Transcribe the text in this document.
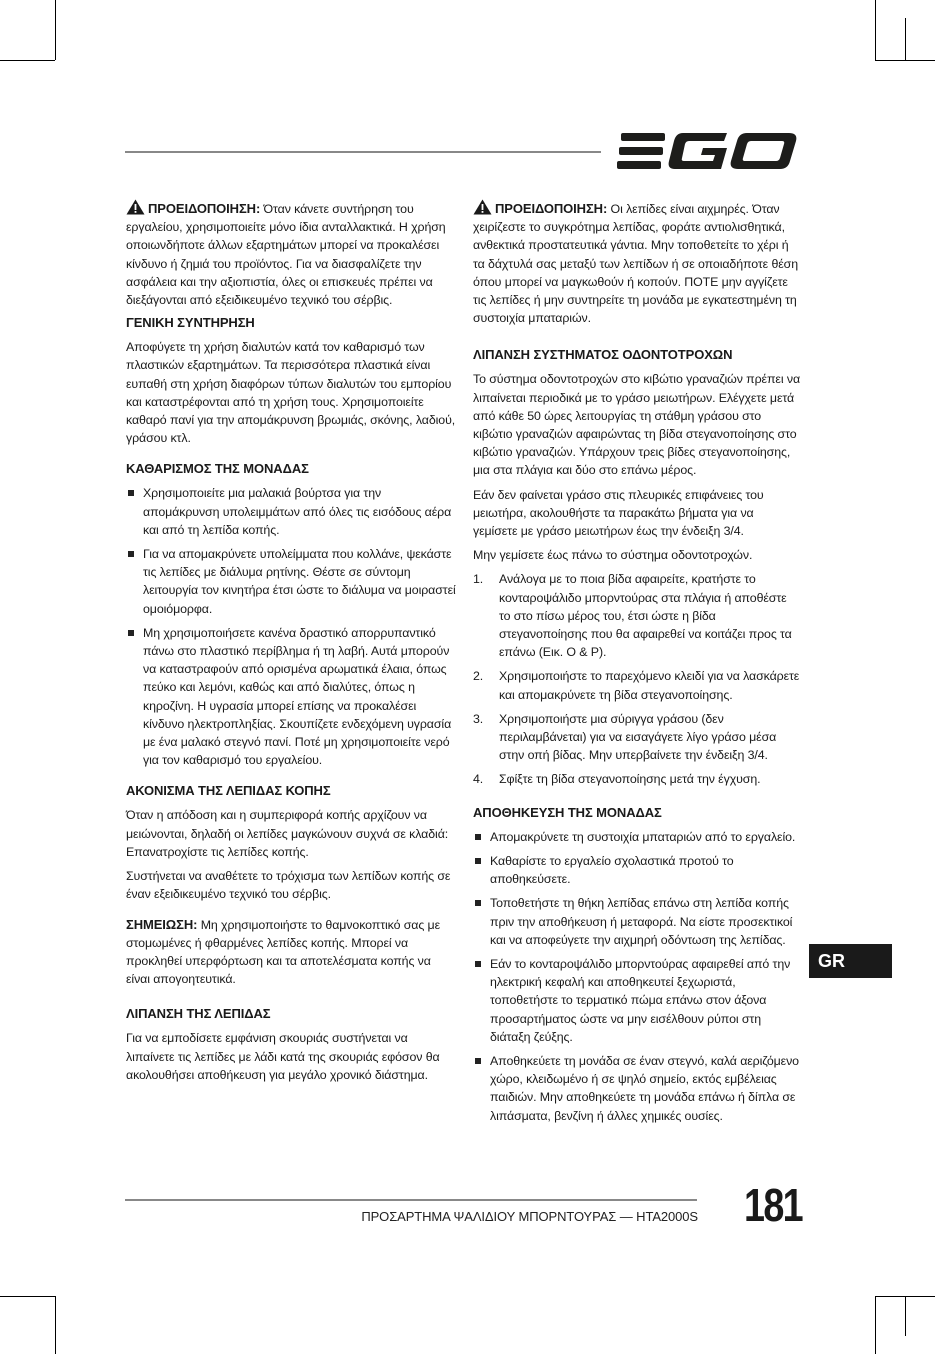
ΠΡΟΕΙΔΟΠΟΙΗΣΗ: Όταν κάνετε συντήρηση του εργαλείου, χρησιμοποιείτε μόνο ίδια ανταλλακτικά. Η χρήση οποιωνδήποτε άλλων εξαρτημάτων μπορεί να προκαλέσει κίνδυνο ή ζημιά του προϊόντος. Για να διασφαλίζετε την ασφάλεια και την αξιοπιστία, όλες οι επισκευές πρέπει να διεξάγονται από εξειδικευμένο τεχνικό του σέρβις.

ΓΕΝΙΚΗ ΣΥΝΤΗΡΗΣΗ

Αποφύγετε τη χρήση διαλυτών κατά τον καθαρισμό των πλαστικών εξαρτημάτων. Τα περισσότερα πλαστικά είναι ευπαθή στη χρήση διαφόρων τύπων διαλυτών του εμπορίου και καταστρέφονται από τη χρήση τους. Χρησιμοποιείτε καθαρό πανί για την απομάκρυνση βρωμιάς, σκόνης, λαδιού, γράσου κτλ.

ΚΑΘΑΡΙΣΜΟΣ ΤΗΣ ΜΟΝΑΔΑΣ
Χρησιμοποιείτε μια μαλακιά βούρτσα για την απομάκρυνση υπολειμμάτων από όλες τις εισόδους αέρα και από τη λεπίδα κοπής.
Για να απομακρύνετε υπολείμματα που κολλάνε, ψεκάστε τις λεπίδες με διάλυμα ρητίνης. Θέστε σε σύντομη λειτουργία τον κινητήρα έτσι ώστε το διάλυμα να μοιραστεί ομοιόμορφα.
Μη χρησιμοποιήσετε κανένα δραστικό απορρυπαντικό πάνω στο πλαστικό περίβλημα ή τη λαβή. Αυτά μπορούν να καταστραφούν από ορισμένα αρωματικά έλαια, όπως πεύκο και λεμόνι, καθώς και από διαλύτες, όπως η κηροζίνη. Η υγρασία μπορεί επίσης να προκαλέσει κίνδυνο ηλεκτροπληξίας. Σκουπίζετε ενδεχόμενη υγρασία με ένα μαλακό στεγνό πανί. Ποτέ μη χρησιμοποιείτε νερό για τον καθαρισμό του εργαλείου.
ΑΚΟΝΙΣΜΑ ΤΗΣ ΛΕΠΙΔΑΣ ΚΟΠΗΣ

Όταν η απόδοση και η συμπεριφορά κοπής αρχίζουν να μειώνονται, δηλαδή οι λεπίδες μαγκώνουν συχνά σε κλαδιά: Επανατροχίστε τις λεπίδες κοπής.

Συστήνεται να αναθέτετε το τρόχισμα των λεπίδων κοπής σε έναν εξειδικευμένο τεχνικό του σέρβις.

ΣΗΜΕΙΩΣΗ: Μη χρησιμοποιήστε το θαμνοκοπτικό σας με στομωμένες ή φθαρμένες λεπίδες κοπής. Μπορεί να προκληθεί υπερφόρτωση και τα αποτελέσματα κοπής να είναι απογοητευτικά.

ΛΙΠΑΝΣΗ ΤΗΣ ΛΕΠΙΔΑΣ

Για να εμποδίσετε εμφάνιση σκουριάς συστήνεται να λιπαίνετε τις λεπίδες με λάδι κατά της σκουριάς εφόσον θα ακολουθήσει αποθήκευση για μεγάλο χρονικό διάστημα.

ΠΡΟΕΙΔΟΠΟΙΗΣΗ: Οι λεπίδες είναι αιχμηρές. Όταν χειρίζεστε το συγκρότημα λεπίδας, φοράτε αντιολισθητικά, ανθεκτικά προστατευτικά γάντια. Μην τοποθετείτε το χέρι ή τα δάχτυλά σας μεταξύ των λεπίδων ή σε οποιαδήποτε θέση όπου μπορεί να μαγκωθούν ή κοπούν. ΠΟΤΕ μην αγγίζετε τις λεπίδες ή μην συντηρείτε τη μονάδα με εγκατεστημένη τη συστοιχία μπαταριών.

ΛΙΠΑΝΣΗ ΣΥΣΤΗΜΑΤΟΣ ΟΔΟΝΤΟΤΡΟΧΩΝ

Το σύστημα οδοντοτροχών στο κιβώτιο γραναζιών πρέπει να λιπαίνεται περιοδικά με το γράσο μειωτήρων. Ελέγχετε μετά από κάθε 50 ώρες λειτουργίας τη στάθμη γράσου στο κιβώτιο γραναζιών αφαιρώντας τη βίδα στεγανοποίησης στο κιβώτιο γραναζιών. Υπάρχουν τρεις βίδες στεγανοποίησης, μια στα πλάγια και δύο στο επάνω μέρος.

Εάν δεν φαίνεται γράσο στις πλευρικές επιφάνειες του μειωτήρα, ακολουθήστε τα παρακάτω βήματα για να γεμίσετε με γράσο μειωτήρων έως την ένδειξη 3/4.

Μην γεμίσετε έως πάνω το σύστημα οδοντοτροχών.

1. Ανάλογα με το ποια βίδα αφαιρείτε, κρατήστε το κονταροψάλιδο μπορντούρας στα πλάγια ή αποθέστε το στο πίσω μέρος του, έτσι ώστε η βίδα στεγανοποίησης που θα αφαιρεθεί να κοιτάζει προς τα επάνω (Εικ. O & P).
2. Χρησιμοποιήστε το παρεχόμενο κλειδί για να λασκάρετε και απομακρύνετε τη βίδα στεγανοποίησης.
3. Χρησιμοποιήστε μια σύριγγα γράσου (δεν περιλαμβάνεται) για να εισαγάγετε λίγο γράσο μέσα στην οπή βίδας. Μην υπερβαίνετε την ένδειξη 3/4.
4. Σφίξτε τη βίδα στεγανοποίησης μετά την έγχυση.
ΑΠΟΘΗΚΕΥΣΗ ΤΗΣ ΜΟΝΑΔΑΣ
Απομακρύνετε τη συστοιχία μπαταριών από το εργαλείο.
Καθαρίστε το εργαλείο σχολαστικά προτού το αποθηκεύσετε.
Τοποθετήστε τη θήκη λεπίδας επάνω στη λεπίδα κοπής πριν την αποθήκευση ή μεταφορά. Να είστε προσεκτικοί και να αποφεύγετε την αιχμηρή οδόντωση της λεπίδας.
Εάν το κονταροψάλιδο μπορντούρας αφαιρεθεί από την ηλεκτρική κεφαλή και αποθηκευτεί ξεχωριστά, τοποθετήστε το τερματικό πώμα επάνω στον άξονα προσαρτήματος ώστε να μην εισέλθουν ρύποι στη διάταξη ζεύξης.
Αποθηκεύετε τη μονάδα σε έναν στεγνό, καλά αεριζόμενο χώρο, κλειδωμένο ή σε ψηλό σημείο, εκτός εμβέλειας παιδιών. Μην αποθηκεύετε τη μονάδα επάνω ή δίπλα σε λιπάσματα, βενζίνη ή άλλες χημικές ουσίες.
GR
ΠΡΟΣΑΡΤΗΜΑ ΨΑΛΙΔΙΟΥ ΜΠΟΡΝΤΟΥΡΑΣ — HTA2000S 181
